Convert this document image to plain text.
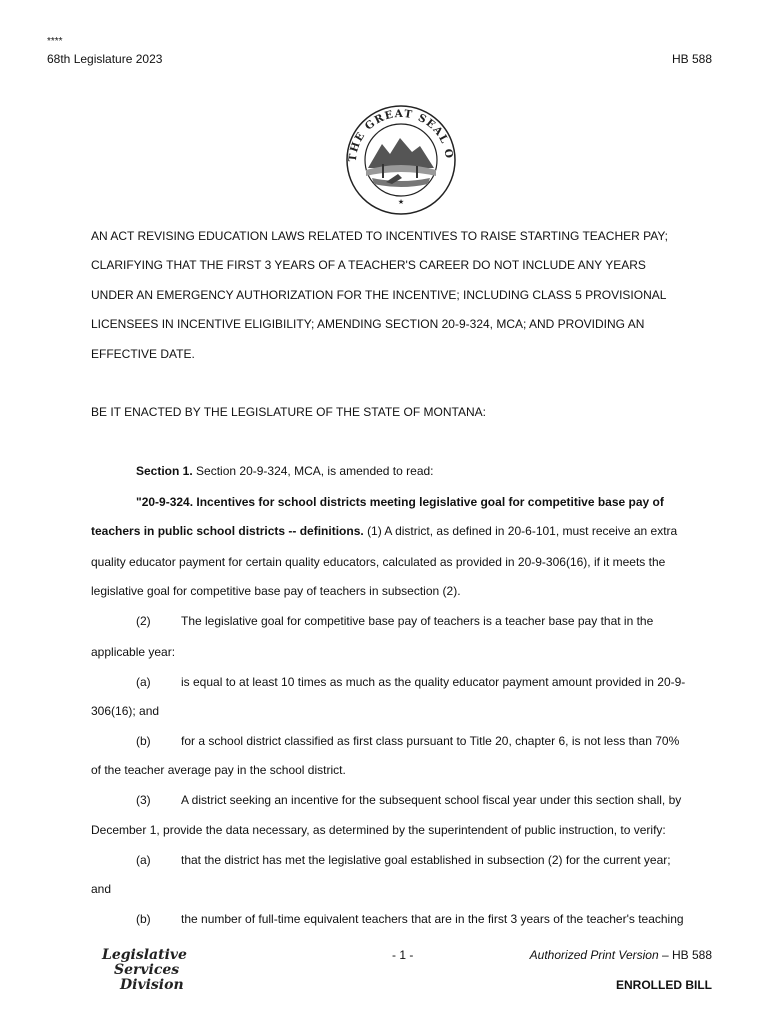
****
68th Legislature 2023	HB 588
THE GREAT SEAL O
★
AN ACT REVISING EDUCATION LAWS RELATED TO INCENTIVES TO RAISE STARTING TEACHER PAY;
CLARIFYING THAT THE FIRST 3 YEARS OF A TEACHER'S CAREER DO NOT INCLUDE ANY YEARS
UNDER AN EMERGENCY AUTHORIZATION FOR THE INCENTIVE; INCLUDING CLASS 5 PROVISIONAL
LICENSEES IN INCENTIVE ELIGIBILITY; AMENDING SECTION 20-9-324, MCA; AND PROVIDING AN
EFFECTIVE DATE.
BE IT ENACTED BY THE LEGISLATURE OF THE STATE OF MONTANA:
Section 1. Section 20-9-324, MCA, is amended to read:
"20-9-324. Incentives for school districts meeting legislative goal for competitive base pay of
teachers in public school districts -- definitions. (1) A district, as defined in 20-6-101, must receive an extra
quality educator payment for certain quality educators, calculated as provided in 20-9-306(16), if it meets the
legislative goal for competitive base pay of teachers in subsection (2).
(2)	The legislative goal for competitive base pay of teachers is a teacher base pay that in the
applicable year:
(a)	is equal to at least 10 times as much as the quality educator payment amount provided in 20-9-
306(16); and
(b)	for a school district classified as first class pursuant to Title 20, chapter 6, is not less than 70%
of the teacher average pay in the school district.
(3)	A district seeking an incentive for the subsequent school fiscal year under this section shall, by
December 1, provide the data necessary, as determined by the superintendent of public instruction, to verify:
(a)	that the district has met the legislative goal established in subsection (2) for the current year;
and
(b)	the number of full-time equivalent teachers that are in the first 3 years of the teacher's teaching
Legislative
Services
Division
- 1 -	Authorized Print Version – HB 588
ENROLLED BILL
